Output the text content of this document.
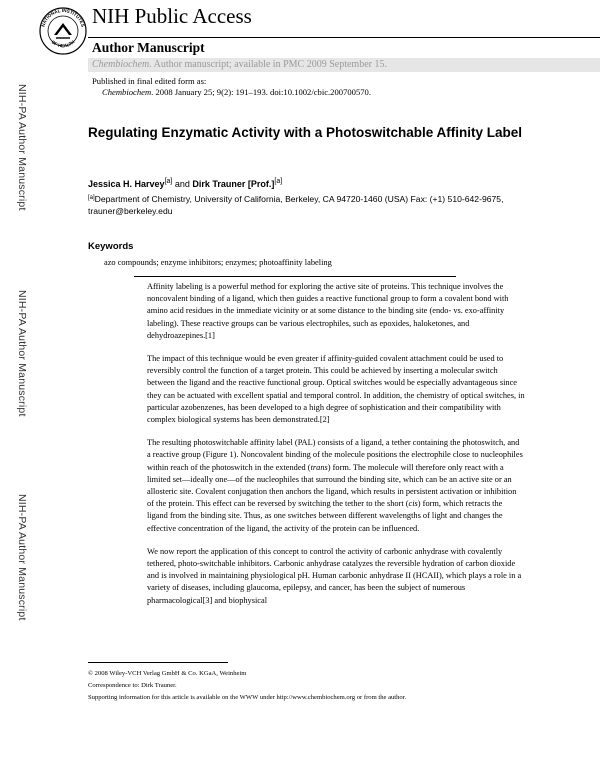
NATIONAL INSTITUTES
OF HEALTH
NIH Public Access
Author Manuscript
Chembiochem. Author manuscript; available in PMC 2009 September 15.
Published in final edited form as:
Chembiochem. 2008 January 25; 9(2): 191–193. doi:10.1002/cbic.200700570.
NIH-PA Author Manuscript
NIH-PA Author Manuscript
NIH-PA Author Manuscript
Regulating Enzymatic Activity with a Photoswitchable Affinity Label
Jessica H. Harvey[a] and Dirk Trauner [Prof.][a]
[a]Department of Chemistry, University of California, Berkeley, CA 94720-1460 (USA) Fax: (+1) 510-642-9675, trauner@berkeley.edu
Keywords
azo compounds; enzyme inhibitors; enzymes; photoaffinity labeling

Affinity labeling is a powerful method for exploring the active site of proteins. This technique involves the noncovalent binding of a ligand, which then guides a reactive functional group to form a covalent bond with amino acid residues in the immediate vicinity or at some distance to the binding site (endo- vs. exo-affinity labeling). These reactive groups can be various electrophiles, such as epoxides, haloketones, and dehydroazepines.[1]

The impact of this technique would be even greater if affinity-guided covalent attachment could be used to reversibly control the function of a target protein. This could be achieved by inserting a molecular switch between the ligand and the reactive functional group. Optical switches would be especially advantageous since they can be actuated with excellent spatial and temporal control. In addition, the chemistry of optical switches, in particular azobenzenes, has been developed to a high degree of sophistication and their compatibility with complex biological systems has been demonstrated.[2]

The resulting photoswitchable affinity label (PAL) consists of a ligand, a tether containing the photoswitch, and a reactive group (Figure 1). Noncovalent binding of the molecule positions the electrophile close to nucleophiles within reach of the photoswitch in the extended (trans) form. The molecule will therefore only react with a limited set—ideally one—of the nucleophiles that surround the binding site, which can be an active site or an allosteric site. Covalent conjugation then anchors the ligand, which results in persistent activation or inhibition of the protein. This effect can be reversed by switching the tether to the short (cis) form, which retracts the ligand from the binding site. Thus, as one switches between different wavelengths of light and changes the effective concentration of the ligand, the activity of the protein can be influenced.

We now report the application of this concept to control the activity of carbonic anhydrase with covalently tethered, photo-switchable inhibitors. Carbonic anhydrase catalyzes the reversible hydration of carbon dioxide and is involved in maintaining physiological pH. Human carbonic anhydrase II (HCAII), which plays a role in a variety of diseases, including glaucoma, epilepsy, and cancer, has been the subject of numerous pharmacological[3] and biophysical

© 2008 Wiley-VCH Verlag GmbH & Co. KGaA, Weinheim
Correspondence to: Dirk Trauner.
Supporting information for this article is available on the WWW under http://www.chembiochem.org or from the author.
